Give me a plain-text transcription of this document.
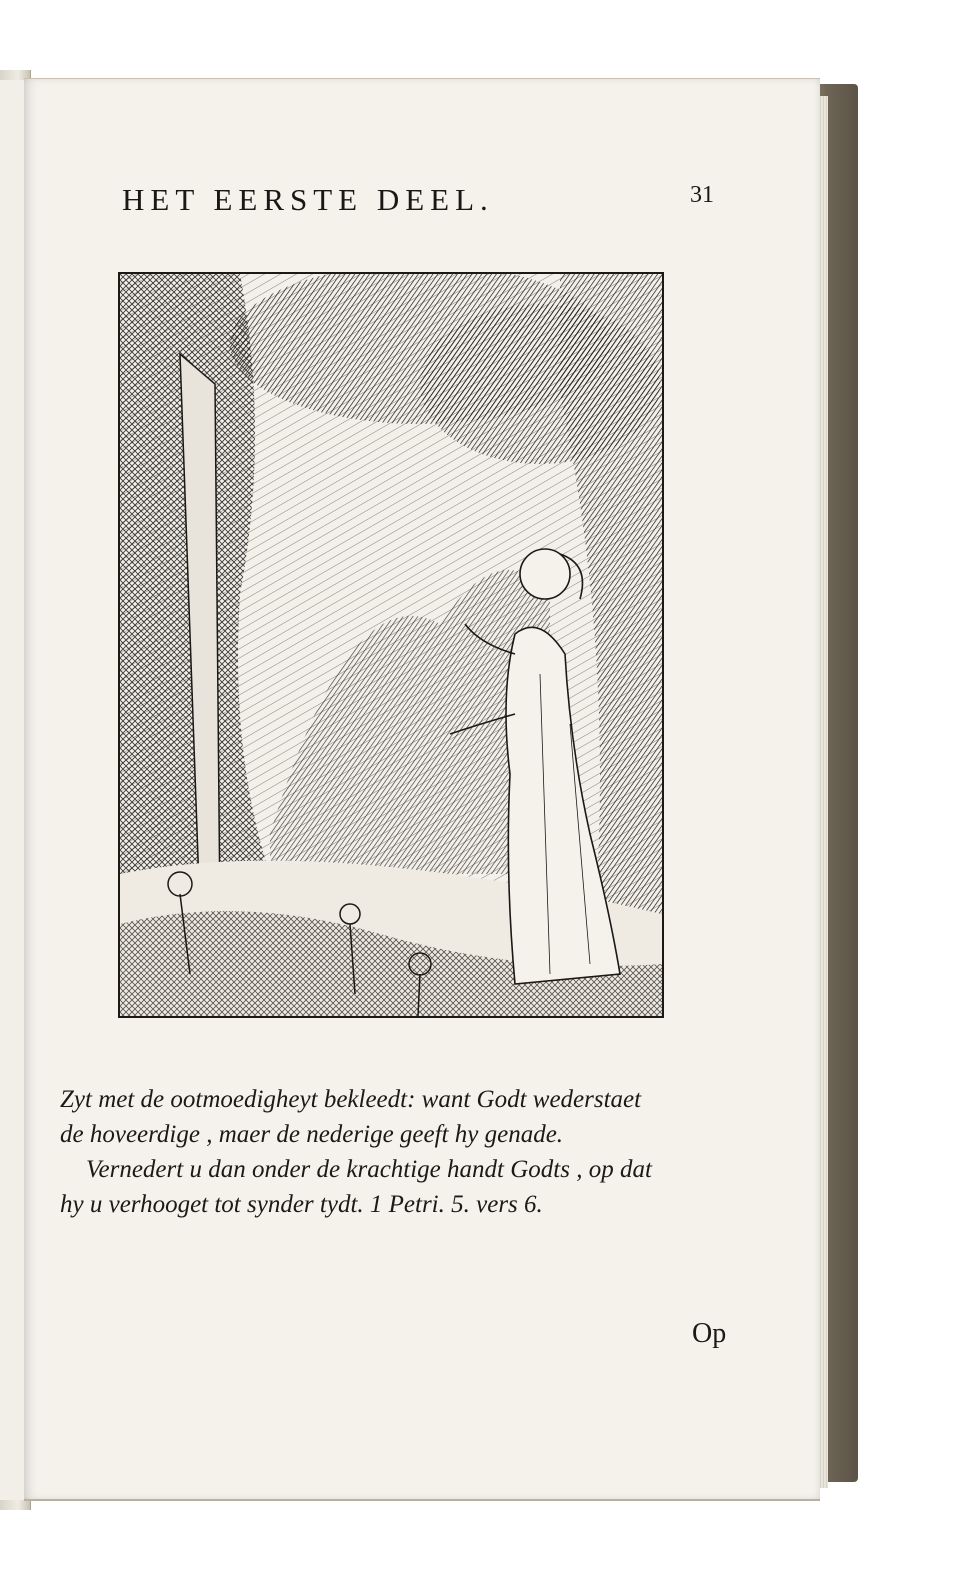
HET EERSTE DEEL.	31
Zyt met de ootmoedigheyt bekleedt: want Godt wederstaet
de hoveerdige , maer de nederige geeft hy genade.
Vernedert u dan onder de krachtige handt Godts , op dat
hy u verhooget tot synder tydt. 1 Petri. 5. vers 6.
Op
